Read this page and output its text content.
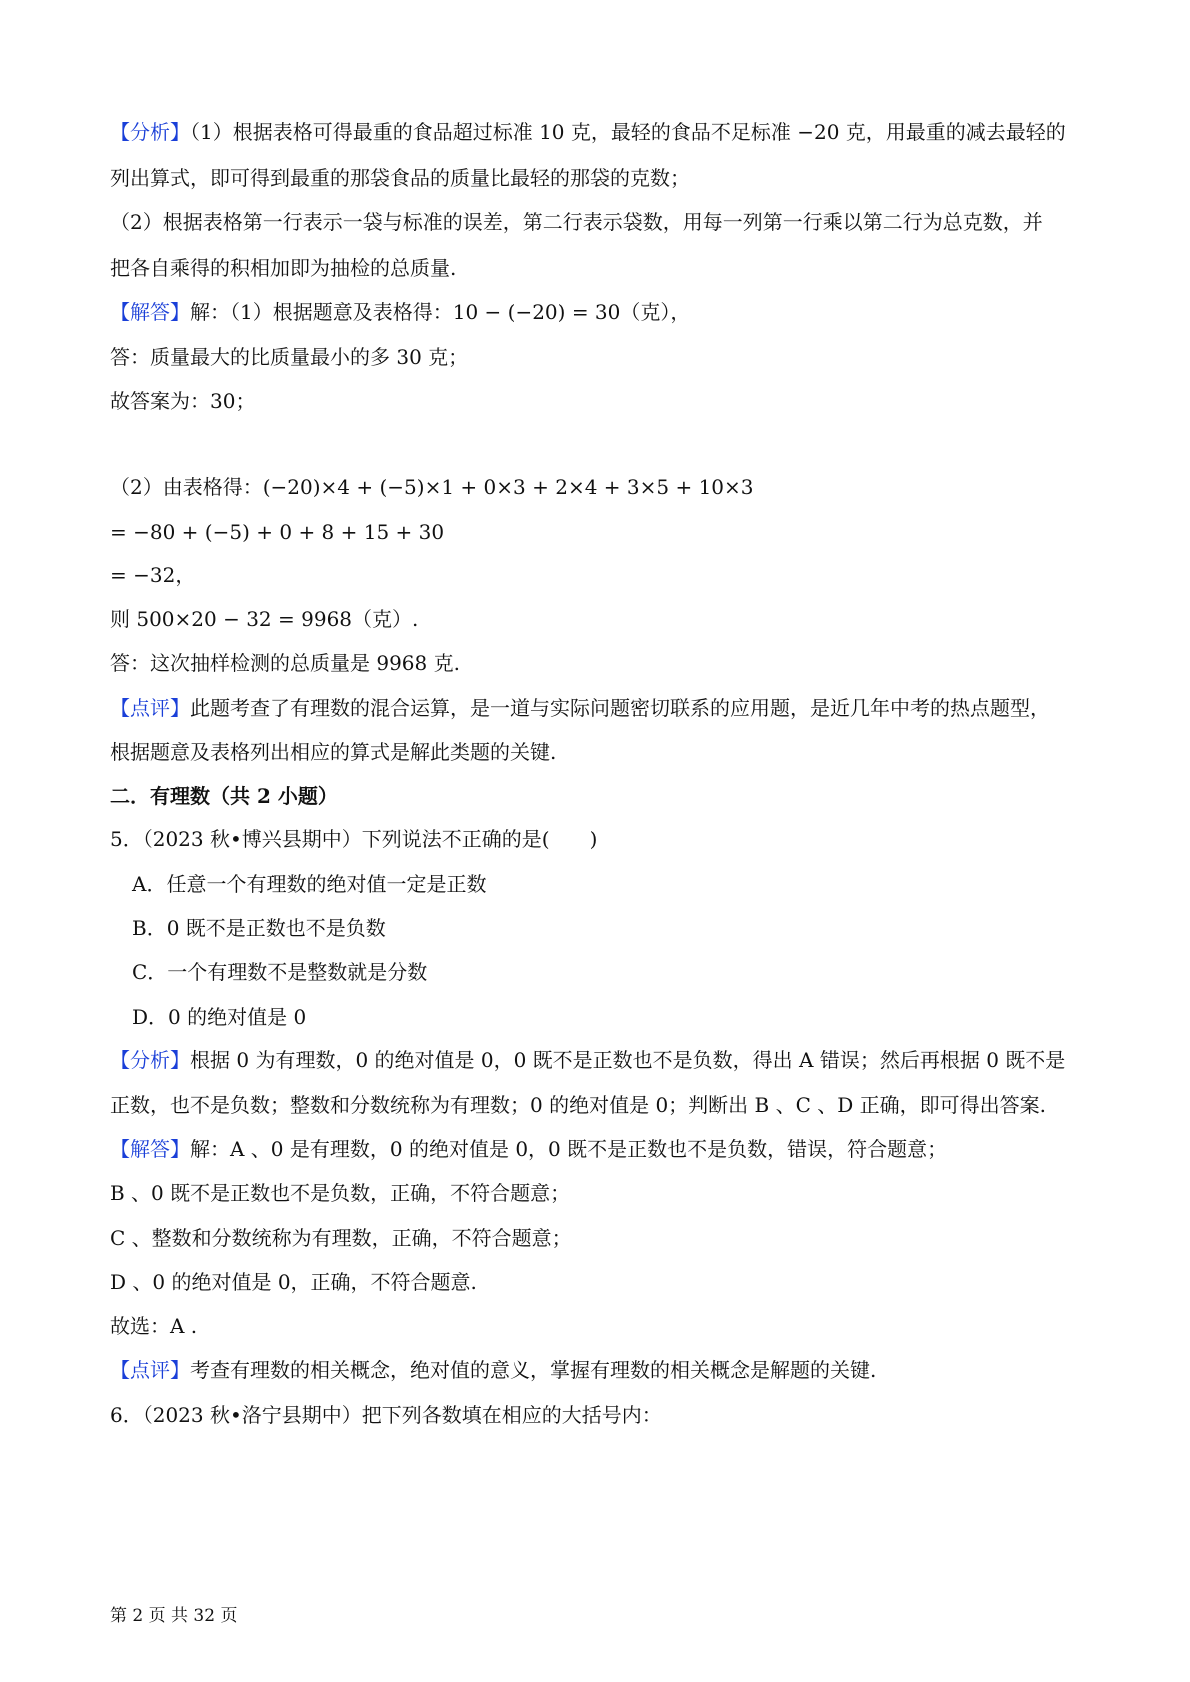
【分析】（1）根据表格可得最重的食品超过标准 10 克，最轻的食品不足标准 −20 克，用最重的减去最轻的
列出算式，即可得到最重的那袋食品的质量比最轻的那袋的克数；
（2）根据表格第一行表示一袋与标准的误差，第二行表示袋数，用每一列第一行乘以第二行为总克数，并
把各自乘得的积相加即为抽检的总质量.
【解答】解：（1）根据题意及表格得：10 − (−20) = 30（克），
答：质量最大的比质量最小的多 30 克；
故答案为：30；
（2）由表格得：(−20)×4 + (−5)×1 + 0×3 + 2×4 + 3×5 + 10×3
= −80 + (−5) + 0 + 8 + 15 + 30
= −32，
则 500×20 − 32 = 9968（克）.
答：这次抽样检测的总质量是 9968 克.
【点评】此题考查了有理数的混合运算，是一道与实际问题密切联系的应用题，是近几年中考的热点题型，
根据题意及表格列出相应的算式是解此类题的关键.
二．有理数（共 2 小题）
5．（2023 秋•博兴县期中）下列说法不正确的是(　　)
A．任意一个有理数的绝对值一定是正数
B．0 既不是正数也不是负数
C．一个有理数不是整数就是分数
D．0 的绝对值是 0
【分析】根据 0 为有理数，0 的绝对值是 0，0 既不是正数也不是负数，得出 A 错误；然后再根据 0 既不是
正数，也不是负数；整数和分数统称为有理数；0 的绝对值是 0；判断出 B 、C 、D 正确，即可得出答案.
【解答】解：A 、0 是有理数，0 的绝对值是 0，0 既不是正数也不是负数，错误，符合题意；
B 、0 既不是正数也不是负数，正确，不符合题意；
C 、整数和分数统称为有理数，正确，不符合题意；
D 、0 的绝对值是 0，正确，不符合题意.
故选：A .
【点评】考查有理数的相关概念，绝对值的意义，掌握有理数的相关概念是解题的关键.
6．（2023 秋•洛宁县期中）把下列各数填在相应的大括号内：
第 2 页 共 32 页
